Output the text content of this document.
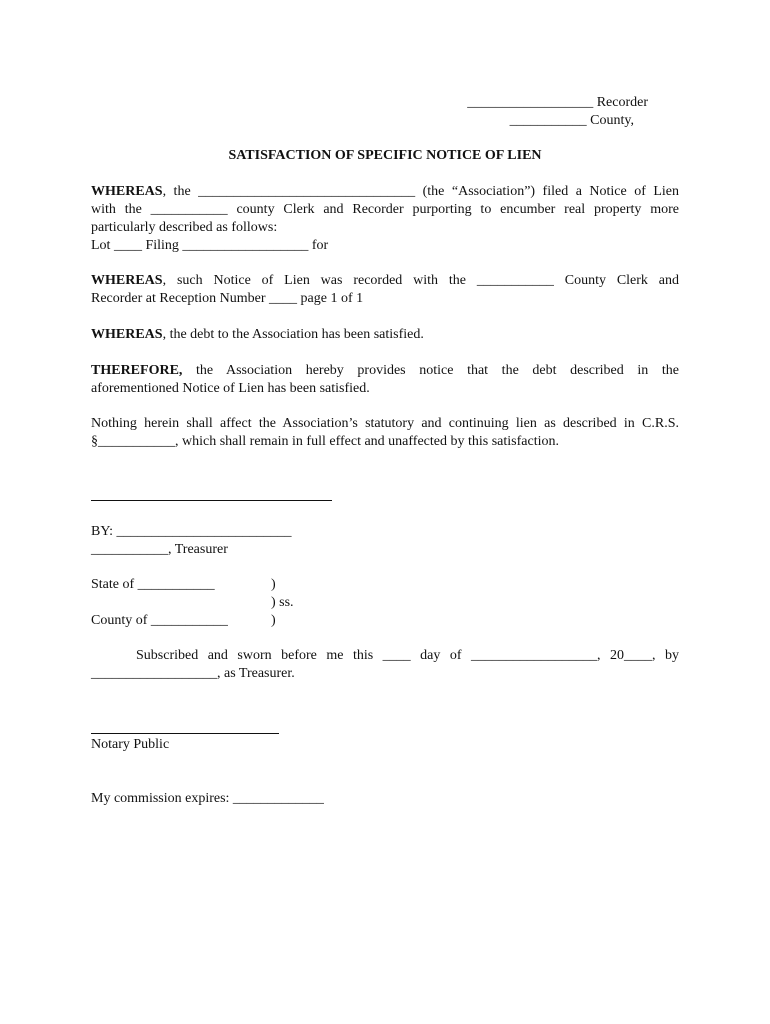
__________________ Recorder
___________ County,
SATISFACTION OF SPECIFIC NOTICE OF LIEN
WHEREAS, the _______________________________ (the “Association”) filed a Notice of Lien
with the ___________ county Clerk and Recorder purporting to encumber real property more
particularly described as follows:
Lot ____ Filing __________________ for
WHEREAS, such Notice of Lien was recorded with the ___________ County Clerk and
Recorder at Reception Number ____ page 1 of 1
WHEREAS, the debt to the Association has been satisfied.
THEREFORE, the Association hereby provides notice that the debt described in the
aforementioned Notice of Lien has been satisfied.
Nothing herein shall affect the Association’s statutory and continuing lien as described in C.R.S.
§___________, which shall remain in full effect and unaffected by this satisfaction.
BY: _________________________
___________, Treasurer
State of ___________	)
) ss.
County of ___________	)
Subscribed and sworn before me this ____ day of __________________, 20____, by
__________________, as Treasurer.
Notary Public
My commission expires: _____________
